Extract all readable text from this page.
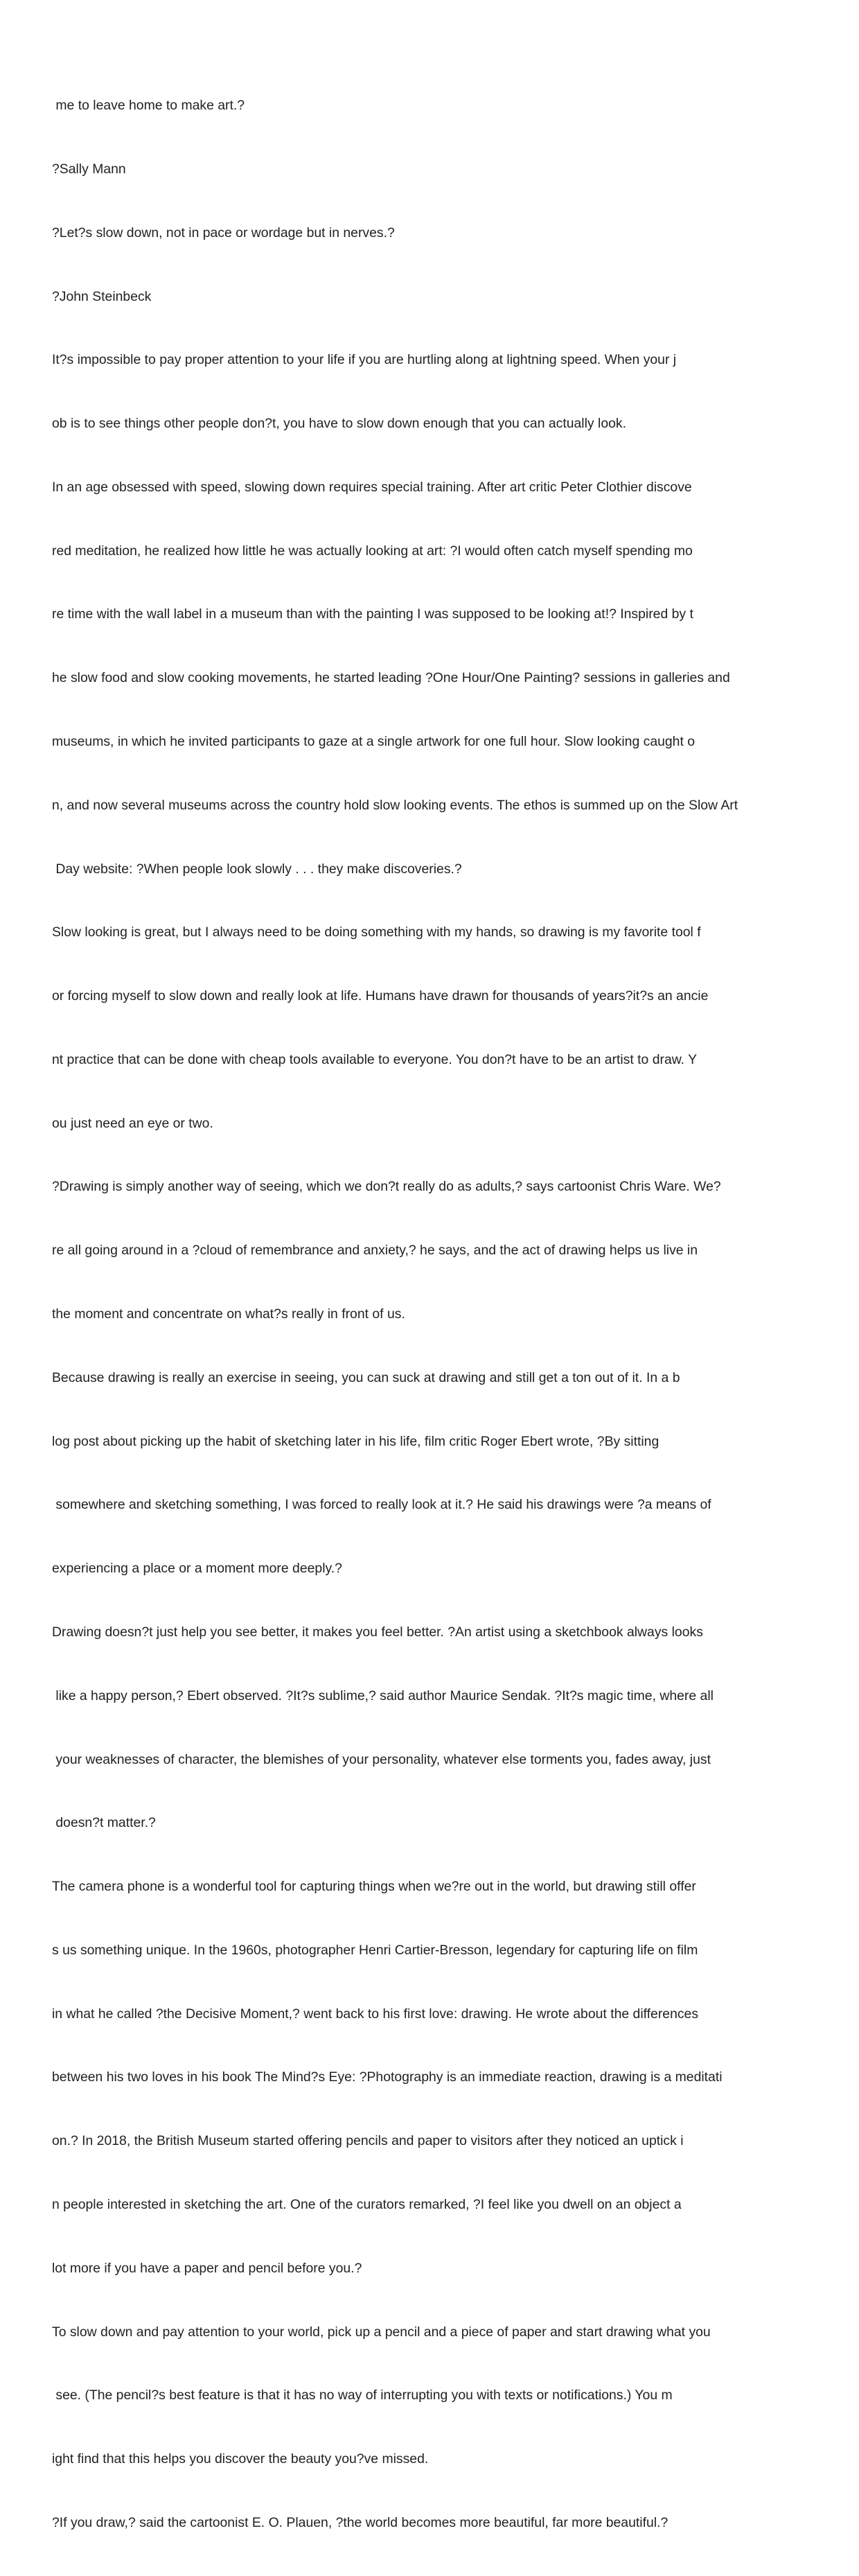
me to leave home to make art.?

?Sally Mann

?Let?s slow down, not in pace or wordage but in nerves.?

?John Steinbeck

It?s impossible to pay proper attention to your life if you are hurtling along at lightning speed. When your j

ob is to see things other people don?t, you have to slow down enough that you can actually look.

In an age obsessed with speed, slowing down requires special training. After art critic Peter Clothier discove

red meditation, he realized how little he was actually looking at art: ?I would often catch myself spending mo

re time with the wall label in a museum than with the painting I was supposed to be looking at!? Inspired by t

he slow food and slow cooking movements, he started leading ?One Hour/One Painting? sessions in galleries and

museums, in which he invited participants to gaze at a single artwork for one full hour. Slow looking caught o

n, and now several museums across the country hold slow looking events. The ethos is summed up on the Slow Art

Day website: ?When people look slowly . . . they make discoveries.?

Slow looking is great, but I always need to be doing something with my hands, so drawing is my favorite tool f

or forcing myself to slow down and really look at life. Humans have drawn for thousands of years?it?s an ancie

nt practice that can be done with cheap tools available to everyone. You don?t have to be an artist to draw. Y

ou just need an eye or two.

?Drawing is simply another way of seeing, which we don?t really do as adults,? says cartoonist Chris Ware. We?

re all going around in a ?cloud of remembrance and anxiety,? he says, and the act of drawing helps us live in

the moment and concentrate on what?s really in front of us.

Because drawing is really an exercise in seeing, you can suck at drawing and still get a ton out of it. In a b

log post about picking up the habit of sketching later in his life, film critic Roger Ebert wrote, ?By sitting

somewhere and sketching something, I was forced to really look at it.? He said his drawings were ?a means of

experiencing a place or a moment more deeply.?

Drawing doesn?t just help you see better, it makes you feel better. ?An artist using a sketchbook always looks

like a happy person,? Ebert observed. ?It?s sublime,? said author Maurice Sendak. ?It?s magic time, where all

your weaknesses of character, the blemishes of your personality, whatever else torments you, fades away, just

doesn?t matter.?

The camera phone is a wonderful tool for capturing things when we?re out in the world, but drawing still offer

s us something unique. In the 1960s, photographer Henri Cartier-Bresson, legendary for capturing life on film

in what he called ?the Decisive Moment,? went back to his first love: drawing. He wrote about the differences

between his two loves in his book The Mind?s Eye: ?Photography is an immediate reaction, drawing is a meditati

on.? In 2018, the British Museum started offering pencils and paper to visitors after they noticed an uptick i

n people interested in sketching the art. One of the curators remarked, ?I feel like you dwell on an object a

lot more if you have a paper and pencil before you.?

To slow down and pay attention to your world, pick up a pencil and a piece of paper and start drawing what you

see. (The pencil?s best feature is that it has no way of interrupting you with texts or notifications.) You m

ight find that this helps you discover the beauty you?ve missed.

?If you draw,? said the cartoonist E. O. Plauen, ?the world becomes more beautiful, far more beautiful.?
